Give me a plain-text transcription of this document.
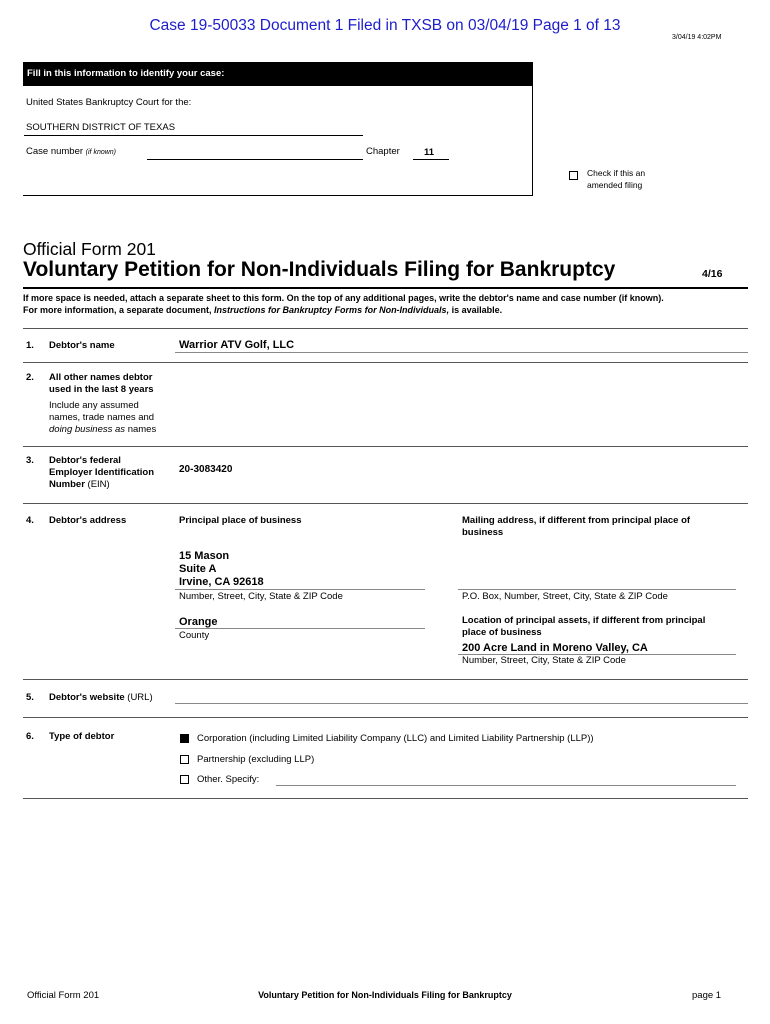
Case 19-50033 Document 1 Filed in TXSB on 03/04/19 Page 1 of 13
3/04/19 4:02PM
Fill in this information to identify your case:
United States Bankruptcy Court for the:
SOUTHERN DISTRICT OF TEXAS
Case number (if known)	Chapter	11
Check if this an
amended filing
Official Form 201
Voluntary Petition for Non-Individuals Filing for Bankruptcy	4/16
If more space is needed, attach a separate sheet to this form. On the top of any additional pages, write the debtor's name and case number (if known).
For more information, a separate document, Instructions for Bankruptcy Forms for Non-Individuals, is available.
1. Debtor's name	Warrior ATV Golf, LLC
2. All other names debtor
used in the last 8 years
Include any assumed
names, trade names and
doing business as names
3. Debtor's federal
Employer Identification
Number (EIN)
20-3083420
4. Debtor's address	Principal place of business	Mailing address, if different from principal place of business
15 Mason
Suite A
Irvine, CA 92618
Number, Street, City, State & ZIP Code	P.O. Box, Number, Street, City, State & ZIP Code
Orange
County
Location of principal assets, if different from principal
place of business
200 Acre Land in Moreno Valley, CA
Number, Street, City, State & ZIP Code
5. Debtor's website (URL)
6. Type of debtor	Corporation (including Limited Liability Company (LLC) and Limited Liability Partnership (LLP))
Partnership (excluding LLP)
Other. Specify:
Official Form 201	Voluntary Petition for Non-Individuals Filing for Bankruptcy	page 1
